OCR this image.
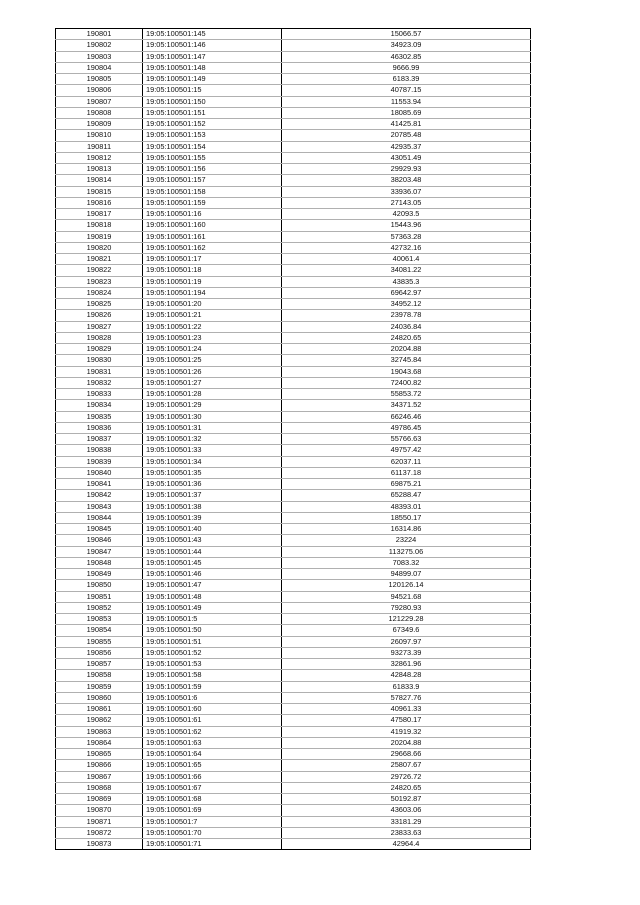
190801	19:05:100501:145	15066.57
190802	19:05:100501:146	34923.09
190803	19:05:100501:147	46302.85
190804	19:05:100501:148	9666.99
190805	19:05:100501:149	6183.39
190806	19:05:100501:15	40787.15
190807	19:05:100501:150	11553.94
190808	19:05:100501:151	18085.69
190809	19:05:100501:152	41425.81
190810	19:05:100501:153	20785.48
190811	19:05:100501:154	42935.37
190812	19:05:100501:155	43051.49
190813	19:05:100501:156	29929.93
190814	19:05:100501:157	38203.48
190815	19:05:100501:158	33936.07
190816	19:05:100501:159	27143.05
190817	19:05:100501:16	42093.5
190818	19:05:100501:160	15443.96
190819	19:05:100501:161	57363.28
190820	19:05:100501:162	42732.16
190821	19:05:100501:17	40061.4
190822	19:05:100501:18	34081.22
190823	19:05:100501:19	43835.3
190824	19:05:100501:194	69642.97
190825	19:05:100501:20	34952.12
190826	19:05:100501:21	23978.78
190827	19:05:100501:22	24036.84
190828	19:05:100501:23	24820.65
190829	19:05:100501:24	20204.88
190830	19:05:100501:25	32745.84
190831	19:05:100501:26	19043.68
190832	19:05:100501:27	72400.82
190833	19:05:100501:28	55853.72
190834	19:05:100501:29	34371.52
190835	19:05:100501:30	66246.46
190836	19:05:100501:31	49786.45
190837	19:05:100501:32	55766.63
190838	19:05:100501:33	49757.42
190839	19:05:100501:34	62037.11
190840	19:05:100501:35	61137.18
190841	19:05:100501:36	69875.21
190842	19:05:100501:37	65288.47
190843	19:05:100501:38	48393.01
190844	19:05:100501:39	18550.17
190845	19:05:100501:40	16314.86
190846	19:05:100501:43	23224
190847	19:05:100501:44	113275.06
190848	19:05:100501:45	7083.32
190849	19:05:100501:46	94899.07
190850	19:05:100501:47	120126.14
190851	19:05:100501:48	94521.68
190852	19:05:100501:49	79280.93
190853	19:05:100501:5	121229.28
190854	19:05:100501:50	67349.6
190855	19:05:100501:51	26097.97
190856	19:05:100501:52	93273.39
190857	19:05:100501:53	32861.96
190858	19:05:100501:58	42848.28
190859	19:05:100501:59	61833.9
190860	19:05:100501:6	57827.76
190861	19:05:100501:60	40961.33
190862	19:05:100501:61	47580.17
190863	19:05:100501:62	41919.32
190864	19:05:100501:63	20204.88
190865	19:05:100501:64	29668.66
190866	19:05:100501:65	25807.67
190867	19:05:100501:66	29726.72
190868	19:05:100501:67	24820.65
190869	19:05:100501:68	50192.87
190870	19:05:100501:69	43603.06
190871	19:05:100501:7	33181.29
190872	19:05:100501:70	23833.63
190873	19:05:100501:71	42964.4
